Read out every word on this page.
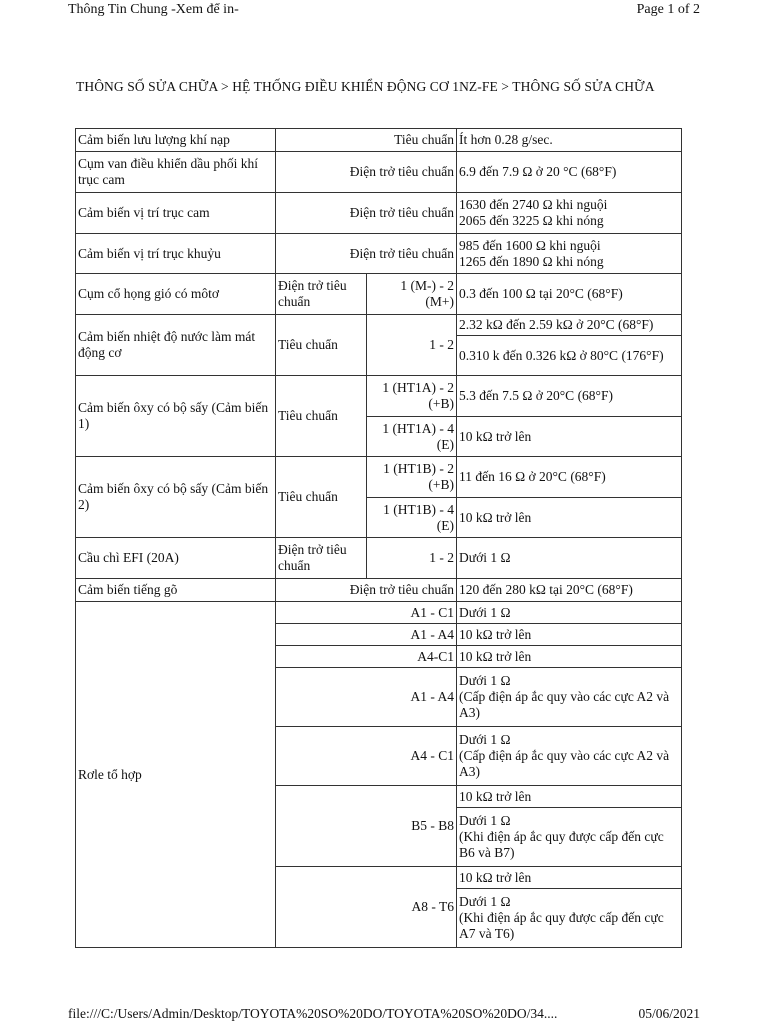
Thông Tin Chung -Xem để in-	Page 1 of 2
THÔNG SỐ SỬA CHỮA > HỆ THỐNG ĐIỀU KHIỂN ĐỘNG CƠ 1NZ-FE > THÔNG SỐ SỬA CHỮA
Cảm biến lưu lượng khí nạp	Tiêu chuẩn		Ít hơn 0.28 g/sec.
Cụm van điều khiển dầu phối khí trục cam	Điện trở tiêu chuẩn		6.9 đến 7.9 Ω ở 20 °C (68°F)
Cảm biến vị trí trục cam	Điện trở tiêu chuẩn		1630 đến 2740 Ω khi nguội
2065 đến 3225 Ω khi nóng

Cảm biến vị trí trục khuỷu	Điện trở tiêu chuẩn		985 đến 1600 Ω khi nguội
1265 đến 1890 Ω khi nóng

Cụm cổ họng gió có môtơ	Điện trở tiêu chuẩn	1 (M-) - 2 (M+)	0.3 đến 100 Ω tại 20°C (68°F)
Cảm biến nhiệt độ nước làm mát động cơ	Tiêu chuẩn	1 - 2	2.32 kΩ đến 2.59 kΩ ở 20°C (68°F)
			0.310 k đến 0.326 kΩ ở 80°C (176°F)
Cảm biến ôxy có bộ sấy (Cảm biến 1)	Tiêu chuẩn	1 (HT1A) - 2 (+B)	5.3 đến 7.5 Ω ở 20°C (68°F)
		1 (HT1A) - 4 (E)	10 kΩ trở lên
Cảm biến ôxy có bộ sấy (Cảm biến 2)	Tiêu chuẩn	1 (HT1B) - 2 (+B)	11 đến 16 Ω ở 20°C (68°F)
		1 (HT1B) - 4 (E)	10 kΩ trở lên
Cầu chì EFI (20A)	Điện trở tiêu chuẩn	1 - 2	Dưới 1 Ω
Cảm biến tiếng gõ	Điện trở tiêu chuẩn		120 đến 280 kΩ tại 20°C (68°F)
Rơle tổ hợp	A1 - C1		Dưới 1 Ω
	A1 - A4		10 kΩ trở lên
	A4-C1		10 kΩ trở lên
	A1 - A4		Dưới 1 Ω
(Cấp điện áp ắc quy vào các cực A2 và A3)

	A4 - C1		Dưới 1 Ω
(Cấp điện áp ắc quy vào các cực A2 và A3)

	B5 - B8		10 kΩ trở lên

			Dưới 1 Ω
(Khi điện áp ắc quy được cấp đến cực B6 và B7)

	A8 - T6		10 kΩ trở lên

			Dưới 1 Ω
(Khi điện áp ắc quy được cấp đến cực A7 và T6)
file:///C:/Users/Admin/Desktop/TOYOTA%20SO%20DO/TOYOTA%20SO%20DO/34....	05/06/2021
